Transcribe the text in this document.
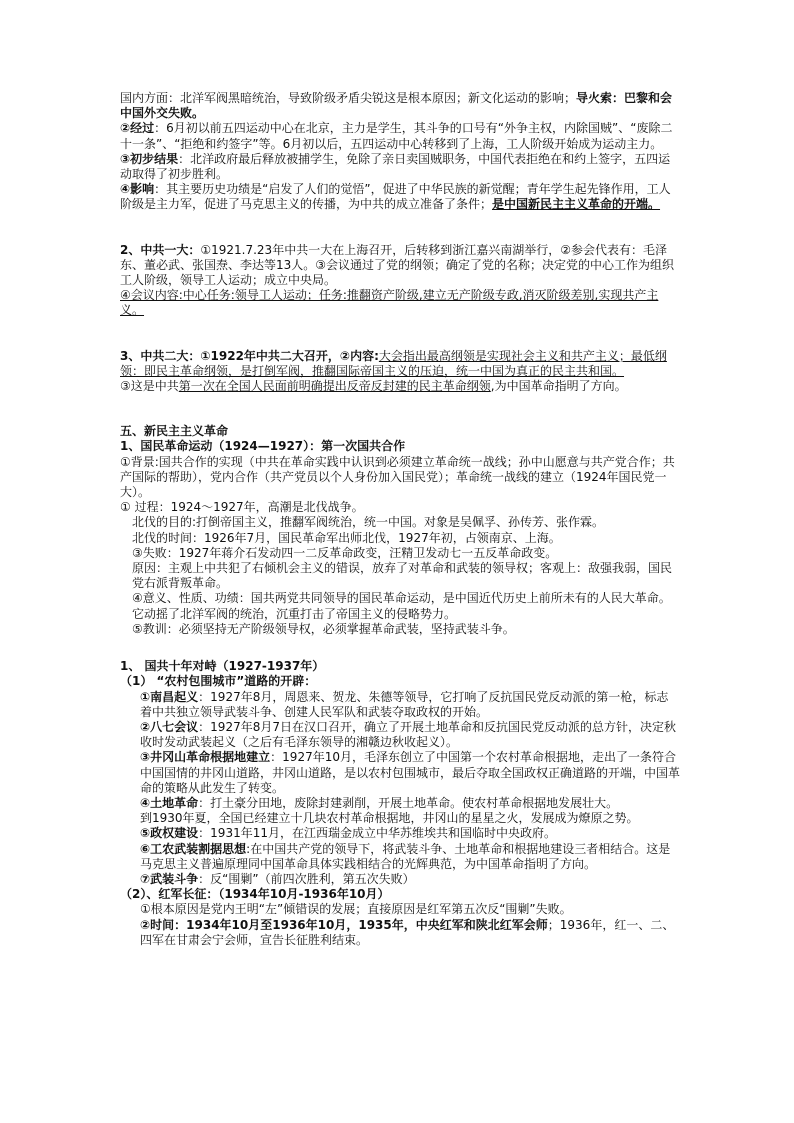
国内方面：北洋军阀黑暗统治，导致阶级矛盾尖锐这是根本原因；新文化运动的影响；导火索：巴黎和会中国外交失败。

②经过：6月初以前五四运动中心在北京，主力是学生，其斗争的口号有“外争主权，内除国贼”、“废除二十一条”、“拒绝和约签字”等。6月初以后，五四运动中心转移到了上海，工人阶级开始成为运动主力。

③初步结果：北洋政府最后释放被捕学生，免除了亲日卖国贼职务，中国代表拒绝在和约上签字，五四运动取得了初步胜利。

④影响：其主要历史功绩是“启发了人们的觉悟”，促进了中华民族的新觉醒；青年学生起先锋作用，工人阶级是主力军，促进了马克思主义的传播，为中共的成立准备了条件；是中国新民主主义革命的开端。

2、中共一大：①1921.7.23年中共一大在上海召开，后转移到浙江嘉兴南湖举行，②参会代表有：毛泽东、董必武、张国焘、李达等13人。③会议通过了党的纲领；确定了党的名称；决定党的中心工作为组织工人阶级，领导工人运动；成立中央局。

④会议内容:中心任务:领导工人运动；任务:推翻资产阶级,建立无产阶级专政,消灭阶级差别,实现共产主义。

3、中共二大：①1922年中共二大召开，②内容:大会指出最高纲领是实现社会主义和共产主义；最低纲领：即民主革命纲领，是打倒军阀，推翻国际帝国主义的压迫，统一中国为真正的民主共和国。

③这是中共第一次在全国人民面前明确提出反帝反封建的民主革命纲领,为中国革命指明了方向。

五、新民主主义革命

1、国民革命运动（1924—1927）：第一次国共合作

①背景:国共合作的实现（中共在革命实践中认识到必须建立革命统一战线；孙中山愿意与共产党合作；共产国际的帮助），党内合作（共产党员以个人身份加入国民党）；革命统一战线的建立（1924年国民党一大）。

① 过程：1924～1927年，高潮是北伐战争。

北伐的目的:打倒帝国主义，推翻军阀统治，统一中国。对象是吴佩孚、孙传芳、张作霖。

北伐的时间：1926年7月，国民革命军出师北伐，1927年初，占领南京、上海。

③失败：1927年蒋介石发动四一二反革命政变，汪精卫发动七一五反革命政变。

原因：主观上中共犯了右倾机会主义的错误，放弃了对革命和武装的领导权；客观上：敌强我弱，国民党右派背叛革命。

④意义、性质、功绩：国共两党共同领导的国民革命运动，是中国近代历史上前所未有的人民大革命。它动摇了北洋军阀的统治，沉重打击了帝国主义的侵略势力。

⑤教训：必须坚持无产阶级领导权，必须掌握革命武装，坚持武装斗争。

1、 国共十年对峙（1927-1937年）

（1） “农村包围城市”道路的开辟：

①南昌起义：1927年8月，周恩来、贺龙、朱德等领导，它打响了反抗国民党反动派的第一枪，标志着中共独立领导武装斗争、创建人民军队和武装夺取政权的开始。

②八七会议：1927年8月7日在汉口召开，确立了开展土地革命和反抗国民党反动派的总方针，决定秋收时发动武装起义（之后有毛泽东领导的湘赣边秋收起义）。

③井冈山革命根据地建立：1927年10月，毛泽东创立了中国第一个农村革命根据地，走出了一条符合中国国情的井冈山道路，井冈山道路，是以农村包围城市，最后夺取全国政权正确道路的开端，中国革命的策略从此发生了转变。

④土地革命：打土豪分田地，废除封建剥削，开展土地革命。使农村革命根据地发展壮大。

到1930年夏，全国已经建立十几块农村革命根据地，井冈山的星星之火，发展成为燎原之势。

⑤政权建设：1931年11月，在江西瑞金成立中华苏维埃共和国临时中央政府。

⑥工农武装割据思想:在中国共产党的领导下，将武装斗争、土地革命和根据地建设三者相结合。这是马克思主义普遍原理同中国革命具体实践相结合的光辉典范，为中国革命指明了方向。

⑦武装斗争：反“围剿”（前四次胜利，第五次失败）

（2）、红军长征：（1934年10月-1936年10月）

①根本原因是党内王明“左”倾错误的发展；直接原因是红军第五次反“围剿”失败。

②时间：1934年10月至1936年10月，1935年，中央红军和陕北红军会师；1936年，红一、二、四军在甘肃会宁会师，宣告长征胜利结束。
